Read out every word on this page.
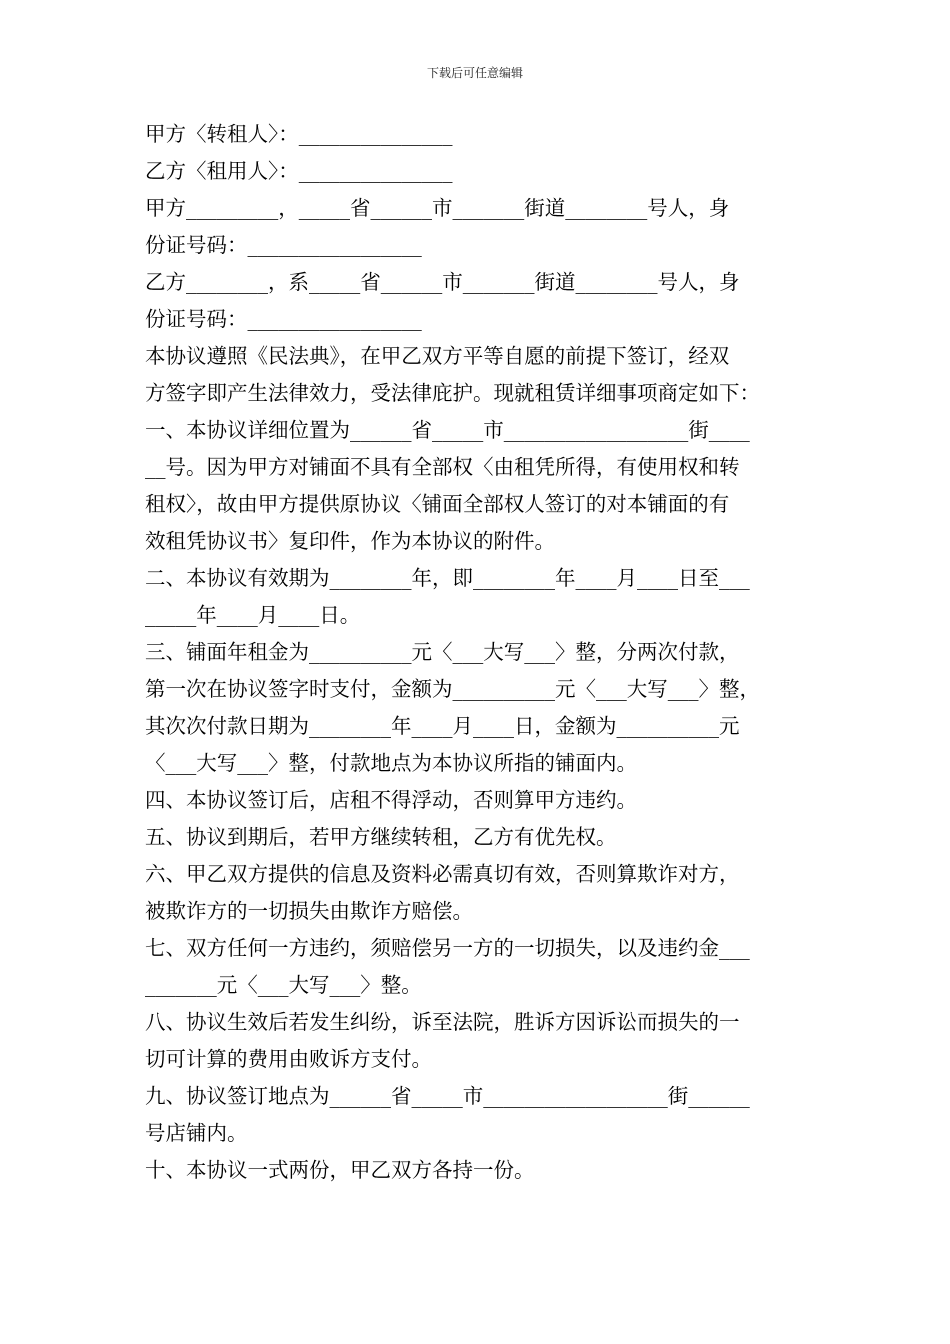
下载后可任意编辑
甲方〈转租人〉：_______________
乙方〈租用人〉：_______________
甲方_________，_____省______市_______街道________号人，身
份证号码：_________________
乙方________，系_____省______市_______街道________号人，身
份证号码：_________________
本协议遵照《民法典》，在甲乙双方平等自愿的前提下签订，经双
方签字即产生法律效力，受法律庇护。现就租赁详细事项商定如下：
一、本协议详细位置为______省_____市__________________街____
__号。因为甲方对铺面不具有全部权〈由租凭所得，有使用权和转
租权〉，故由甲方提供原协议〈铺面全部权人签订的对本铺面的有
效租凭协议书〉复印件，作为本协议的附件。
二、本协议有效期为________年，即________年____月____日至___
_____年____月____日。
三、铺面年租金为__________元〈___大写___〉整，分两次付款，
第一次在协议签字时支付，金额为__________元〈___大写___〉整，
其次次付款日期为________年____月____日，金额为__________元
〈___大写___〉整，付款地点为本协议所指的铺面内。
四、本协议签订后，店租不得浮动，否则算甲方违约。
五、协议到期后，若甲方继续转租，乙方有优先权。
六、甲乙双方提供的信息及资料必需真切有效，否则算欺诈对方，
被欺诈方的一切损失由欺诈方赔偿。
七、双方任何一方违约，须赔偿另一方的一切损失，以及违约金___
_______元〈___大写___〉整。
八、协议生效后若发生纠纷，诉至法院，胜诉方因诉讼而损失的一
切可计算的费用由败诉方支付。
九、协议签订地点为______省_____市__________________街______
号店铺内。
十、本协议一式两份，甲乙双方各持一份。
